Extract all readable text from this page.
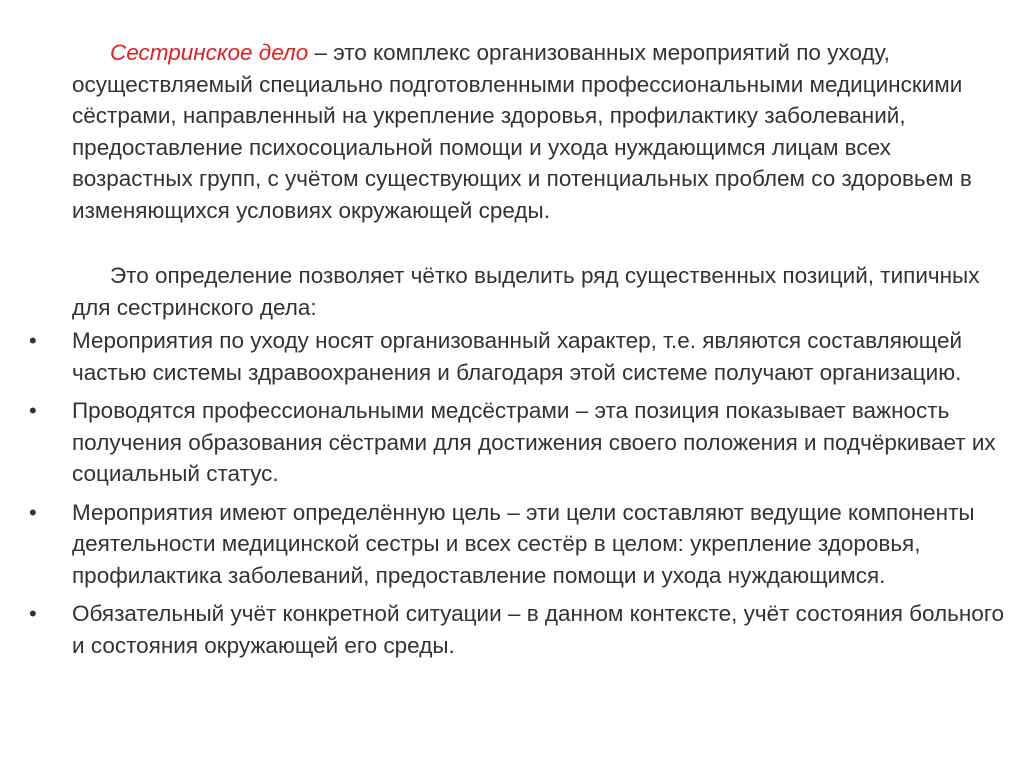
Сестринское дело – это комплекс организованных мероприятий по уходу, осуществляемый специально подготовленными профессиональными медицинскими сёстрами, направленный на укрепление здоровья, профилактику заболеваний, предоставление психосоциальной помощи и ухода нуждающимся лицам всех возрастных групп, с учётом существующих и потенциальных проблем со здоровьем в изменяющихся условиях окружающей среды.

Это определение позволяет чётко выделить ряд существенных позиций, типичных для сестринского дела:

• Мероприятия по уходу носят организованный характер, т.е. являются составляющей частью системы здравоохранения и благодаря этой системе получают организацию.
• Проводятся профессиональными медсёстрами – эта позиция показывает важность получения образования сёстрами для достижения своего положения и подчёркивает их социальный статус.
• Мероприятия имеют определённую цель – эти цели составляют ведущие компоненты деятельности медицинской сестры и всех сестёр в целом: укрепление здоровья, профилактика заболеваний, предоставление помощи и ухода нуждающимся.
• Обязательный учёт конкретной ситуации – в данном контексте, учёт состояния больного и состояния окружающей его среды.
